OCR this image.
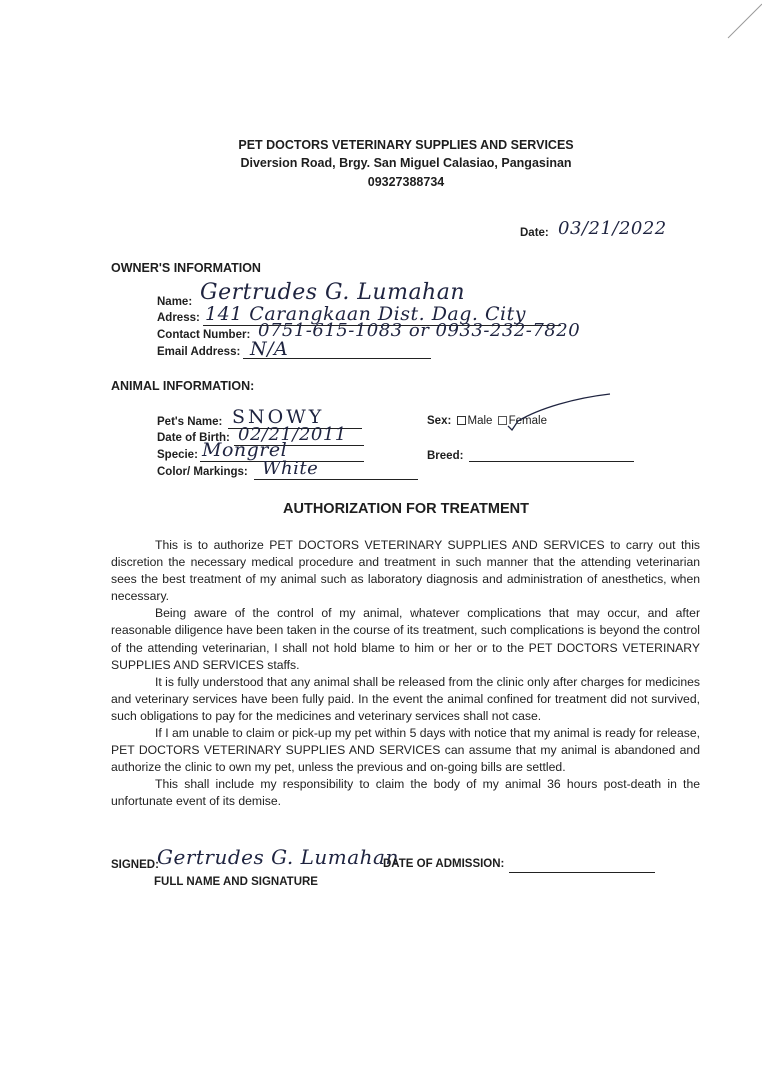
PET DOCTORS VETERINARY SUPPLIES AND SERVICES
Diversion Road, Brgy. San Miguel Calasiao, Pangasinan
09327388734
Date: 03/21/2022
OWNER'S INFORMATION
Name: Gertrudes G. Lumahan
Adress: 141 Carangkaan Dist. Dag. City
Contact Number: 0751-615-1083 or 0933-232-7820
Email Address: N/A
ANIMAL INFORMATION:
Pet's Name: SNOWY
Date of Birth: 02/21/2011
Specie: Mongrel
Color/ Markings: White
Sex: Male Female
Breed:
AUTHORIZATION FOR TREATMENT

This is to authorize PET DOCTORS VETERINARY SUPPLIES AND SERVICES to carry out this discretion the necessary medical procedure and treatment in such manner that the attending veterinarian sees the best treatment of my animal such as laboratory diagnosis and administration of anesthetics, when necessary.

Being aware of the control of my animal, whatever complications that may occur, and after reasonable diligence have been taken in the course of its treatment, such complications is beyond the control of the attending veterinarian, I shall not hold blame to him or her or to the PET DOCTORS VETERINARY SUPPLIES AND SERVICES staffs.

It is fully understood that any animal shall be released from the clinic only after charges for medicines and veterinary services have been fully paid. In the event the animal confined for treatment did not survived, such obligations to pay for the medicines and veterinary services shall not case.

If I am unable to claim or pick-up my pet within 5 days with notice that my animal is ready for release, PET DOCTORS VETERINARY SUPPLIES AND SERVICES can assume that my animal is abandoned and authorize the clinic to own my pet, unless the previous and on-going bills are settled.

This shall include my responsibility to claim the body of my animal 36 hours post-death in the unfortunate event of its demise.

SIGNED:
Gertrudes G. Lumahan
FULL NAME AND SIGNATURE
DATE OF ADMISSION:
